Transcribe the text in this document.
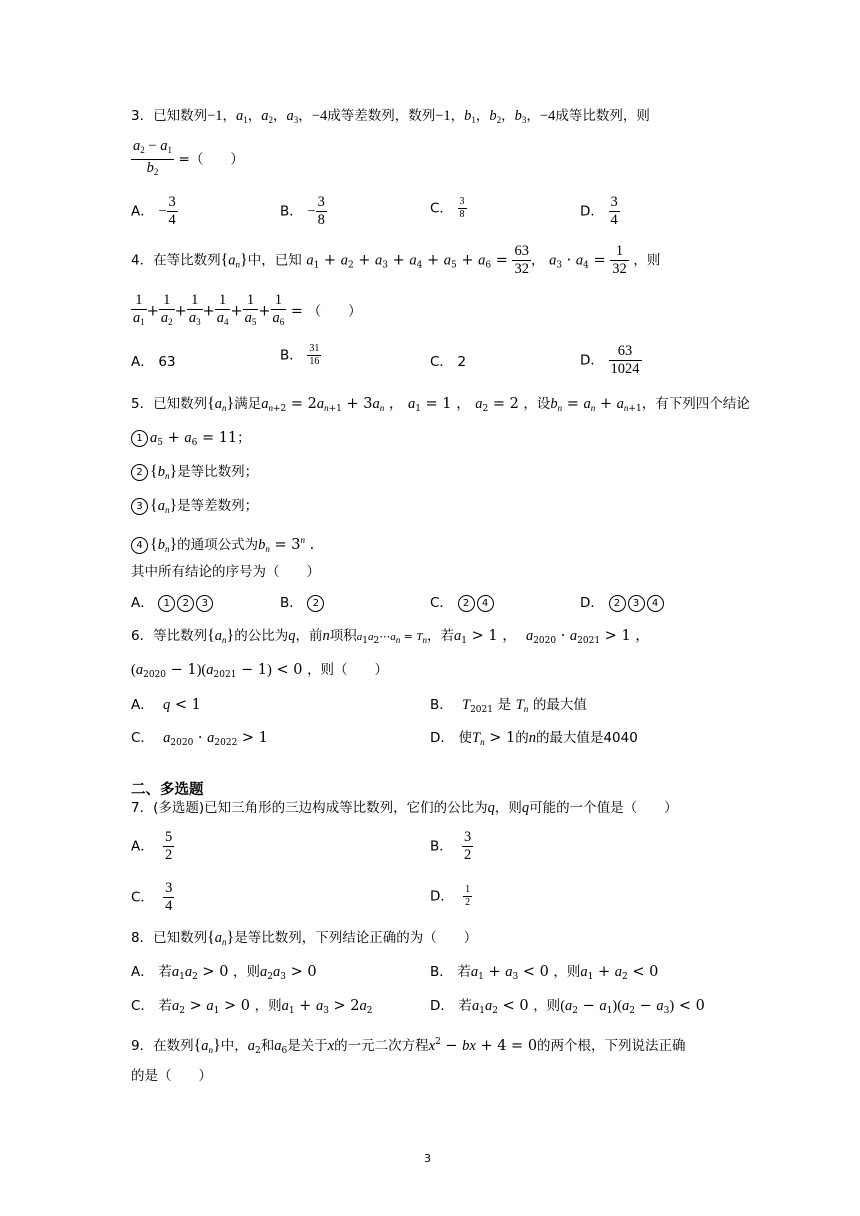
3．已知数列−1，$a_1$，$a_2$，$a_3$，−4成等差数列，数列−1，$b_1$，$b_2$，$b_3$，−4成等比数列，则
$\frac{a_2 - a_1}{b_2}$ =（　　）
A． − $\frac{3}{4}$	B． − $\frac{3}{8}$	C． $\frac{3}{8}$	D． $\frac{3}{4}$
4．在等比数列$\{a_n\}$中，已知 $a_1 + a_2 + a_3 + a_4 + a_5 + a_6 = \frac{63}{32}$ ， $a_3 \cdot a_4 = \frac{1}{32}$ ，则
$\frac{1}{a_1} + \frac{1}{a_2} + \frac{1}{a_3} + \frac{1}{a_4} + \frac{1}{a_5} + \frac{1}{a_6}$ = （　　）
A． 63	B． $\frac{31}{16}$	C． 2	D． $\frac{63}{1024}$
5．已知数列$\{a_n\}$满足$a_{n+2} = 2a_{n+1} + 3a_n$ ， $a_1 = 1$ ， $a_2 = 2$ ，设$b_n = a_n + a_{n+1}$，有下列四个结论
1 $a_5 + a_6 = 11$；
2 $\{b_n\}$是等比数列；
3 $\{a_n\}$是等差数列；
4 $\{b_n\}$的通项公式为$b_n = 3^n$ .
其中所有结论的序号为（　　）
A． 1 2 3	B． 2	C． 2 4	D． 2 3 4
6．等比数列$\{a_n\}$的公比为q，前n项积$a_1a_2\cdots a_n = T_n$，若$a_1 > 1$ ，  $a_{2020} \cdot a_{2021} > 1$ ，
$(a_{2020} - 1)(a_{2021} - 1) < 0$ ，则（　　）
A． q < 1	B． $T_{2021}$ 是 $T_n$ 的最大值
C． $a_{2020} \cdot a_{2022} > 1$	D． 使$T_n > 1$的n的最大值是4040
二、多选题
7．(多选题)已知三角形的三边构成等比数列，它们的公比为q，则q可能的一个值是（　　）
A． $\frac{5}{2}$	B． $\frac{3}{2}$
C． $\frac{3}{4}$	D． $\frac{1}{2}$
8．已知数列$\{a_n\}$是等比数列，下列结论正确的为（　　）
A． 若$a_1a_2 > 0$ ，则$a_2a_3 > 0$	B． 若$a_1 + a_3 < 0$ ，则$a_1 + a_2 < 0$
C． 若$a_2 > a_1 > 0$ ，则$a_1 + a_3 > 2a_2$	D． 若$a_1a_2 < 0$ ，则$(a_2 - a_1)(a_2 - a_3) < 0$
9．在数列$\{a_n\}$中，$a_2$和$a_6$是关于x的一元二次方程$x^2$ − bx + 4 = 0的两个根，下列说法正确
的是（　　）
3
